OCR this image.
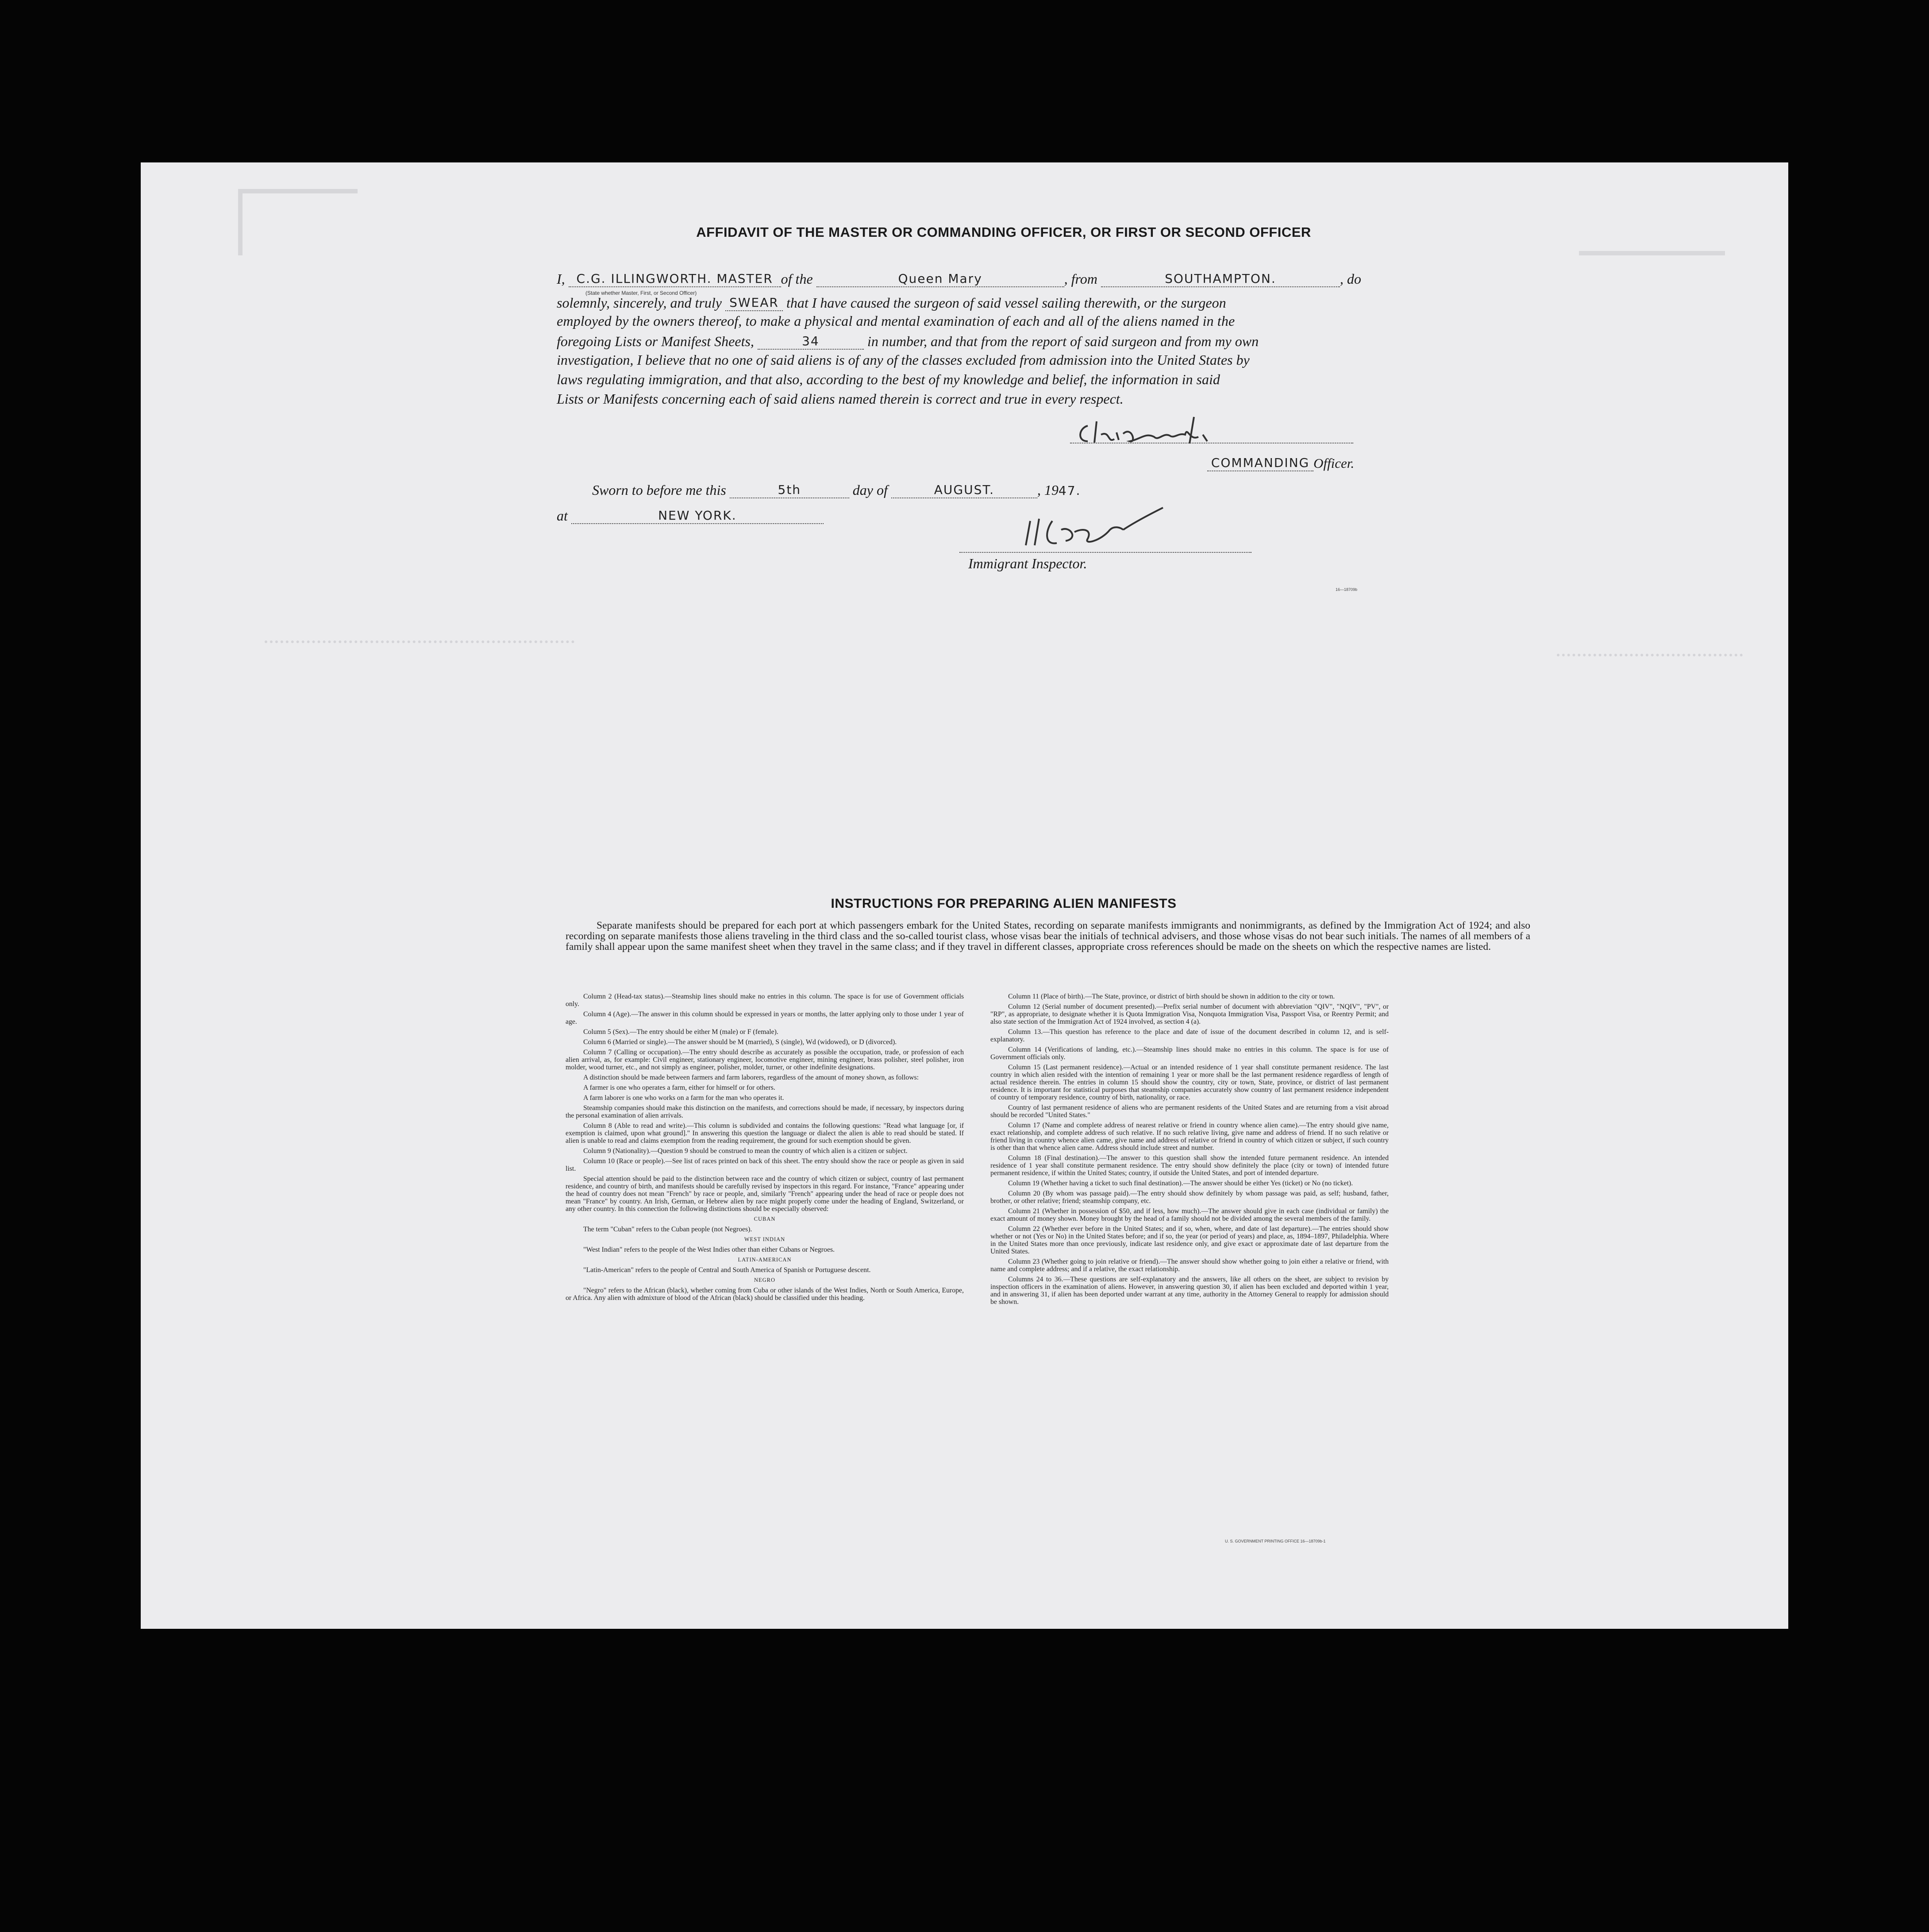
AFFIDAVIT OF THE MASTER OR COMMANDING OFFICER, OR FIRST OR SECOND OFFICER
I, C.G. ILLINGWORTH. MASTER of the	Queen Mary	, from	SOUTHAMPTON.	, do
(State whether Master, First, or Second Officer)
solemnly, sincerely, and truly SWEAR that I have caused the surgeon of said vessel sailing therewith, or the surgeon
employed by the owners thereof, to make a physical and mental examination of each and all of the aliens named in the
foregoing Lists or Manifest Sheets,	34	in number, and that from the report of said surgeon and from my own
investigation, I believe that no one of said aliens is of any of the classes excluded from admission into the United States by
laws regulating immigration, and that also, according to the best of my knowledge and belief, the information in said
Lists or Manifests concerning each of said aliens named therein is correct and true in every respect.
COMMANDING Officer.
Sworn to before me this	5th	day of	AUGUST.	, 1947.
at	NEW YORK.
Immigrant Inspector.
16—18709b
INSTRUCTIONS FOR PREPARING ALIEN MANIFESTS
Separate manifests should be prepared for each port at which passengers embark for the United States, recording on separate manifests immigrants and nonimmigrants, as defined by the Immigration Act of 1924; and also recording on separate manifests those aliens traveling in the third class and the so-called tourist class, whose visas bear the initials of technical advisers, and those whose visas do not bear such initials. The names of all members of a family shall appear upon the same manifest sheet when they travel in the same class; and if they travel in different classes, appropriate cross references should be made on the sheets on which the respective names are listed.

Column 2 (Head-tax status).—Steamship lines should make no entries in this column. The space is for use of Government officials only.

Column 4 (Age).—The answer in this column should be expressed in years or months, the latter applying only to those under 1 year of age.

Column 5 (Sex).—The entry should be either M (male) or F (female).

Column 6 (Married or single).—The answer should be M (married), S (single), Wd (widowed), or D (divorced).

Column 7 (Calling or occupation).—The entry should describe as accurately as possible the occupation, trade, or profession of each alien arrival, as, for example: Civil engineer, stationary engineer, locomotive engineer, mining engineer, brass polisher, steel polisher, iron molder, wood turner, etc., and not simply as engineer, polisher, molder, turner, or other indefinite designations.

A distinction should be made between farmers and farm laborers, regardless of the amount of money shown, as follows:

A farmer is one who operates a farm, either for himself or for others.

A farm laborer is one who works on a farm for the man who operates it.

Steamship companies should make this distinction on the manifests, and corrections should be made, if necessary, by inspectors during the personal examination of alien arrivals.

Column 8 (Able to read and write).—This column is subdivided and contains the following questions: "Read what language [or, if exemption is claimed, upon what ground]." In answering this question the language or dialect the alien is able to read should be stated. If alien is unable to read and claims exemption from the reading requirement, the ground for such exemption should be given.

Column 9 (Nationality).—Question 9 should be construed to mean the country of which alien is a citizen or subject.

Column 10 (Race or people).—See list of races printed on back of this sheet. The entry should show the race or people as given in said list.

Special attention should be paid to the distinction between race and the country of which citizen or subject, country of last permanent residence, and country of birth, and manifests should be carefully revised by inspectors in this regard. For instance, "France" appearing under the head of country does not mean "French" by race or people, and, similarly "French" appearing under the head of race or people does not mean "France" by country. An Irish, German, or Hebrew alien by race might properly come under the heading of England, Switzerland, or any other country. In this connection the following distinctions should be especially observed:

CUBAN

The term "Cuban" refers to the Cuban people (not Negroes).

WEST INDIAN

"West Indian" refers to the people of the West Indies other than either Cubans or Negroes.

LATIN-AMERICAN

"Latin-American" refers to the people of Central and South America of Spanish or Portuguese descent.

NEGRO

"Negro" refers to the African (black), whether coming from Cuba or other islands of the West Indies, North or South America, Europe, or Africa. Any alien with admixture of blood of the African (black) should be classified under this heading.

Column 11 (Place of birth).—The State, province, or district of birth should be shown in addition to the city or town.

Column 12 (Serial number of document presented).—Prefix serial number of document with abbreviation "QIV", "NQIV", "PV", or "RP", as appropriate, to designate whether it is Quota Immigration Visa, Nonquota Immigration Visa, Passport Visa, or Reentry Permit; and also state section of the Immigration Act of 1924 involved, as section 4 (a).

Column 13.—This question has reference to the place and date of issue of the document described in column 12, and is self-explanatory.

Column 14 (Verifications of landing, etc.).—Steamship lines should make no entries in this column. The space is for use of Government officials only.

Column 15 (Last permanent residence).—Actual or an intended residence of 1 year shall constitute permanent residence. The last country in which alien resided with the intention of remaining 1 year or more shall be the last permanent residence regardless of length of actual residence therein. The entries in column 15 should show the country, city or town, State, province, or district of last permanent residence. It is important for statistical purposes that steamship companies accurately show country of last permanent residence independent of country of temporary residence, country of birth, nationality, or race.

Country of last permanent residence of aliens who are permanent residents of the United States and are returning from a visit abroad should be recorded "United States."

Column 17 (Name and complete address of nearest relative or friend in country whence alien came).—The entry should give name, exact relationship, and complete address of such relative. If no such relative living, give name and address of friend. If no such relative or friend living in country whence alien came, give name and address of relative or friend in country of which citizen or subject, if such country is other than that whence alien came. Address should include street and number.

Column 18 (Final destination).—The answer to this question shall show the intended future permanent residence. An intended residence of 1 year shall constitute permanent residence. The entry should show definitely the place (city or town) of intended future permanent residence, if within the United States; country, if outside the United States, and port of intended departure.

Column 19 (Whether having a ticket to such final destination).—The answer should be either Yes (ticket) or No (no ticket).

Column 20 (By whom was passage paid).—The entry should show definitely by whom passage was paid, as self; husband, father, brother, or other relative; friend; steamship company, etc.

Column 21 (Whether in possession of $50, and if less, how much).—The answer should give in each case (individual or family) the exact amount of money shown. Money brought by the head of a family should not be divided among the several members of the family.

Column 22 (Whether ever before in the United States; and if so, when, where, and date of last departure).—The entries should show whether or not (Yes or No) in the United States before; and if so, the year (or period of years) and place, as, 1894–1897, Philadelphia. Where in the United States more than once previously, indicate last residence only, and give exact or approximate date of last departure from the United States.

Column 23 (Whether going to join relative or friend).—The answer should show whether going to join either a relative or friend, with name and complete address; and if a relative, the exact relationship.

Columns 24 to 36.—These questions are self-explanatory and the answers, like all others on the sheet, are subject to revision by inspection officers in the examination of aliens. However, in answering question 30, if alien has been excluded and deported within 1 year, and in answering 31, if alien has been deported under warrant at any time, authority in the Attorney General to reapply for admission should be shown.

U. S. GOVERNMENT PRINTING OFFICE 16—18709b-1
